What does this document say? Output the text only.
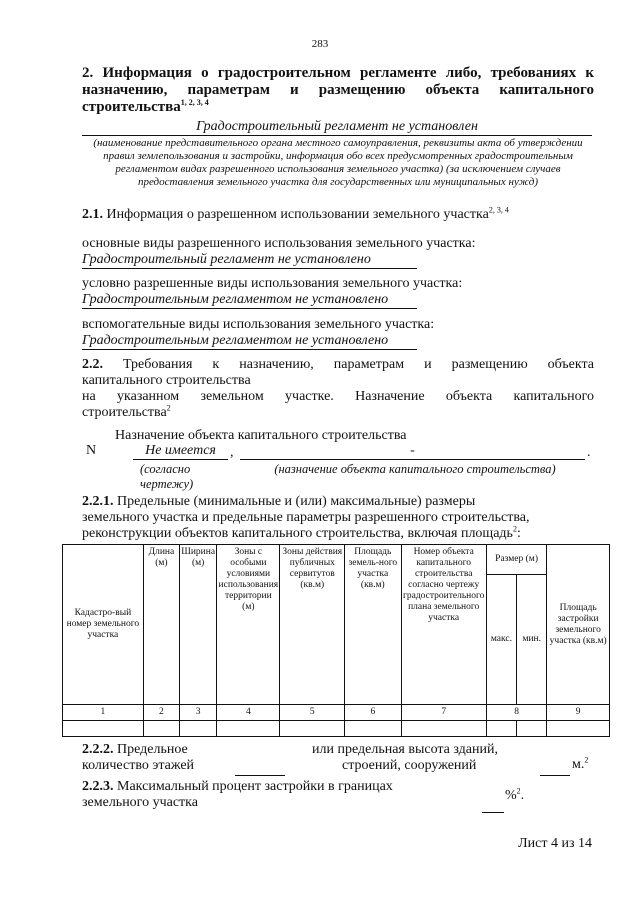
283
2. Информация о градостроительном регламенте либо, требованиях к назначению, параметрам и размещению объекта капитального строительства$^{1, 2, 3, 4}$
Градостроительный регламент не установлен
(наименование представительного органа местного самоуправления, реквизиты акта об утверждении правил землепользования и застройки, информация обо всех предусмотренных градостроительным регламентом видах разрешенного использования земельного участка) (за исключением случаев предоставления земельного участка для государственных или муниципальных нужд)
2.1. Информация о разрешенном использовании земельного участка$^{2, 3, 4}$
основные виды разрешенного использования земельного участка:
Градостроительный регламент не установлено
условно разрешенные виды использования земельного участка:
Градостроительным регламентом не установлено
вспомогательные виды использования земельного участка:
Градостроительным регламентом не установлено
2.2. Требования к назначению, параметрам и размещению объекта
капитального строительства
на указанном земельном участке. Назначение объекта капитального
строительства$^2$
Назначение объекта капитального строительства
N	Не имеется	,	-	.
(согласно чертежу)
(назначение объекта капитального строительства)
2.2.1. Предельные (минимальные и (или) максимальные) размеры
земельного участка и предельные параметры разрешенного строительства,
реконструкции объектов капитального строительства, включая площадь$^2$:
Кадастро-вый номер земельного участка	Длина (м)	Ширина (м)	Зоны с особыми условиями использования территории (м)	Зоны действия публичных сервитутов (кв.м)	Площадь земель-ного участка (кв.м)	Номер объекта капитального строительства согласно чертежу градостроительного плана земельного участка	Размер (м)		Площадь застройки земельного участка (кв.м)
							макс.	мин.	
1	2	3	4	5	6	7	8		9

2.2.2. Предельное
количество этажей
или предельная высота зданий,
строений, сооружений	м.$^2$
2.2.3. Максимальный процент застройки в границах
земельного участка	%$^2$.
Лист 4 из 14
